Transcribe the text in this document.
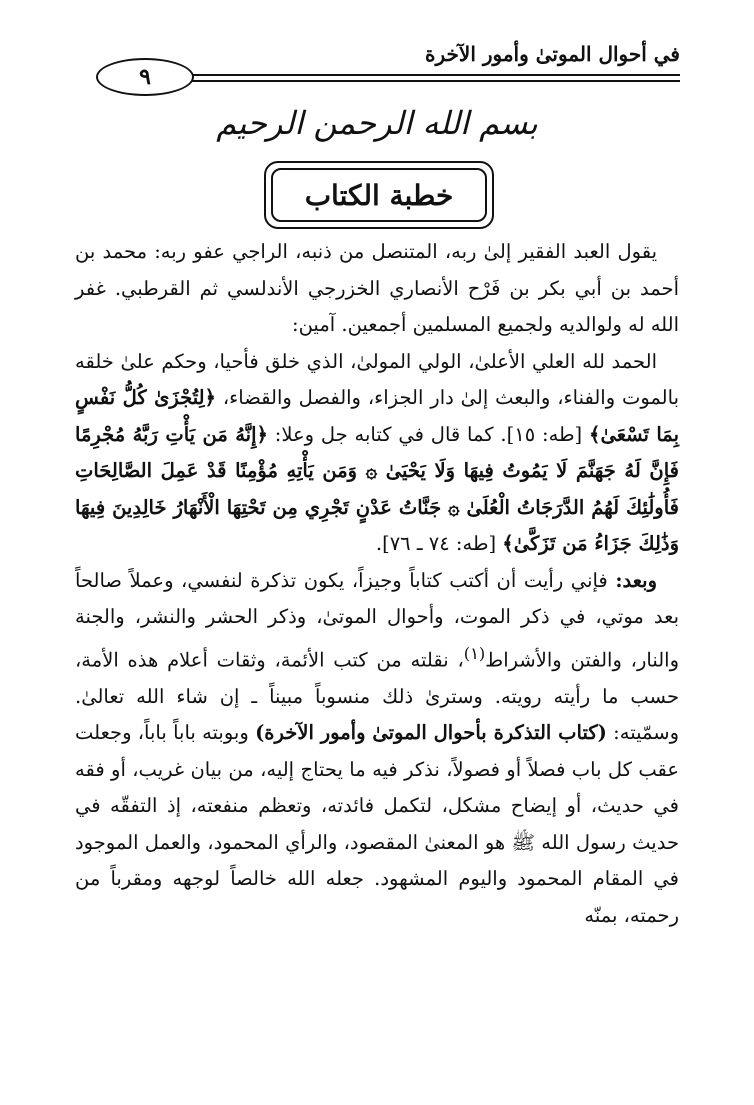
في أحوال الموتىٰ وأمور الآخرة
٩
بسم الله الرحمن الرحيم
خطبة الكتاب

يقول العبد الفقير إلىٰ ربه، المتنصل من ذنبه، الراجي عفو ربه: محمد بن أحمد بن أبي بكر بن فَرْح الأنصاري الخزرجي الأندلسي ثم القرطبي. غفر الله له ولوالديه ولجميع المسلمين أجمعين. آمين:

الحمد لله العلي الأعلىٰ، الولي المولىٰ، الذي خلق فأحيا، وحكم علىٰ خلقه بالموت والفناء، والبعث إلىٰ دار الجزاء، والفصل والقضاء، ﴿لِتُجْزَىٰ كُلُّ نَفْسٍ بِمَا تَسْعَىٰ﴾ [طه: ١٥]. كما قال في كتابه جل وعلا: ﴿إِنَّهُ مَن يَأْتِ رَبَّهُ مُجْرِمًا فَإِنَّ لَهُ جَهَنَّمَ لَا يَمُوتُ فِيهَا وَلَا يَحْيَىٰ ۞ وَمَن يَأْتِهِ مُؤْمِنًا قَدْ عَمِلَ الصَّالِحَاتِ فَأُولَٰئِكَ لَهُمُ الدَّرَجَاتُ الْعُلَىٰ ۞ جَنَّاتُ عَدْنٍ تَجْرِي مِن تَحْتِهَا الْأَنْهَارُ خَالِدِينَ فِيهَا وَذَٰلِكَ جَزَاءُ مَن تَزَكَّىٰ﴾ [طه: ٧٤ ـ ٧٦].

وبعد: فإني رأيت أن أكتب كتاباً وجيزاً، يكون تذكرة لنفسي، وعملاً صالحاً بعد موتي، في ذكر الموت، وأحوال الموتىٰ، وذكر الحشر والنشر، والجنة والنار، والفتن والأشراط$^{(١)}$، نقلته من كتب الأئمة، وثقات أعلام هذه الأمة، حسب ما رأيته رويته. وستریٰ ذلك منسوباً مبيناً ـ إن شاء الله تعالىٰ. وسمّيته: (كتاب التذكرة بأحوال الموتىٰ وأمور الآخرة) وبوبته باباً باباً، وجعلت عقب كل باب فصلاً أو فصولاً، نذكر فيه ما يحتاج إليه، من بيان غريب، أو فقه في حديث، أو إيضاح مشكل، لتكمل فائدته، وتعظم منفعته، إذ التفقّه في حديث رسول الله ﷺ هو المعنىٰ المقصود، والرأي المحمود، والعمل الموجود في المقام المحمود واليوم المشهود. جعله الله خالصاً لوجهه ومقرباً من رحمته، بمنّه
